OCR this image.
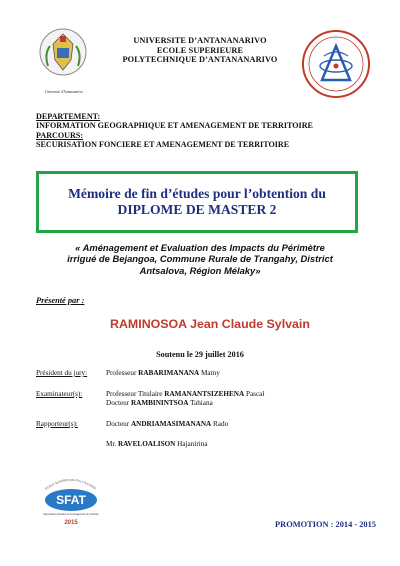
Université d'Antananarivo
UNIVERSITE D’ANTANANARIVO
ECOLE SUPERIEURE
POLYTECHNIQUE D’ANTANANARIVO
DEPARTEMENT:
INFORMATION GEOGRAPHIQUE ET AMENAGEMENT DE TERRITOIRE
PARCOURS:
SECURISATION FONCIERE ET AMENAGEMENT DE TERRITOIRE
Mémoire de fin d’études pour l’obtention du
DIPLOME DE MASTER 2
« Aménagement et Evaluation des Impacts du Périmètre
irrigué de Bejangoa, Commune Rurale de Trangahy, District
Antsalova, Région Mélaky»
Présenté par :
RAMINOSOA Jean Claude Sylvain
Soutenu le 29 juillet 2016
Président du jury:	Professeur RABARIMANANA Mamy
Examinateur(s):	Professeur Titulaire RAMANANTSIZEHENA Pascal
Docteur RAMBININTSOA Tahiana
Rapporteur(s):	Docteur ANDRIAMASIMANANA Rado
Mr. RAVELOALISON Hajanirina
ECOLE SUPERIEURE POLYTECHNIQ
SFAT
Sécurisation Foncière et Aménagement du Territoire
2015	PROMOTION : 2014 - 2015
